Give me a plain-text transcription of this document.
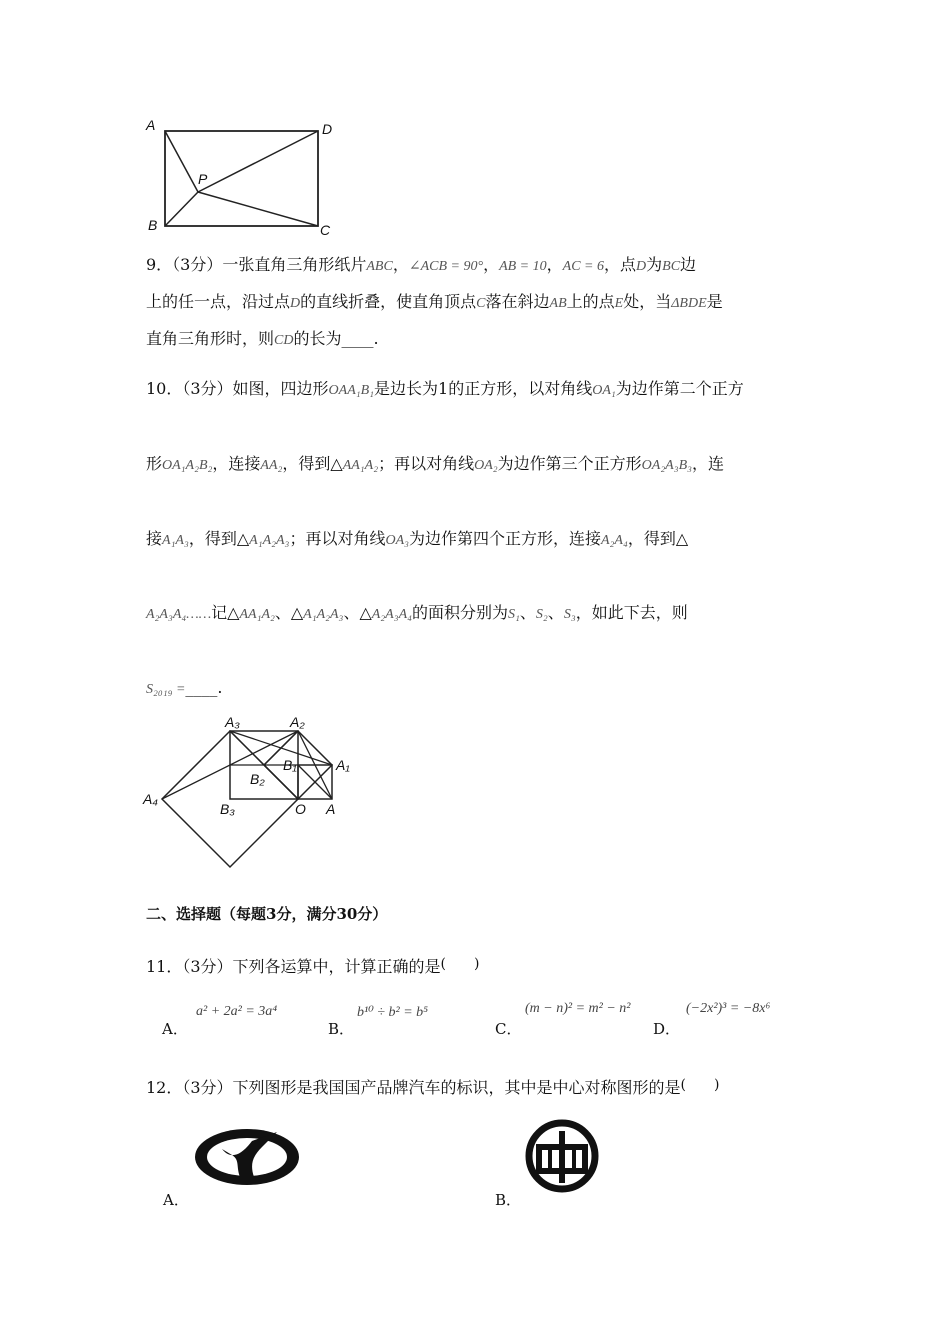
A	D
P
B	C
9．（3分）一张直角三角形纸片ABC，∠ACB = 90°，AB = 10，AC = 6，点D为BC边
上的任一点，沿过点D的直线折叠，使直角顶点C落在斜边AB上的点E处，当ΔBDE是
直角三角形时，则CD的长为____.
10．（3分）如图，四边形OAA₁B₁是边长为1的正方形，以对角线OA₁为边作第二个正方
形OA₁A₂B₂，连接AA₂，得到△AA₁A₂；再以对角线OA₂为边作第三个正方形OA₂A₃B₃，连
接A₁A₃，得到△A₁A₂A₃；再以对角线OA₃为边作第四个正方形，连接A₂A₄，得到△
A₂A₃A₄……记△AA₁A₂、△A₁A₂A₃、△A₂A₃A₄的面积分别为S₁、S₂、S₃，如此下去，则
S₂₀₁₉ =____.
A₃	A₂
B₁	A₁
B₂
A₄
B₃	O A
二、选择题（每题3分，满分30分）
11．（3分）下列各运算中，计算正确的是(　　)
A．
a² + 2a² = 3a⁴
B．
b¹⁰ ÷ b² = b⁵
C．
(m − n)² = m² − n²
D．
(−2x²)³ = −8x⁶
12．（3分）下列图形是我国国产品牌汽车的标识，其中是中心对称图形的是(　　)
A．	B．
